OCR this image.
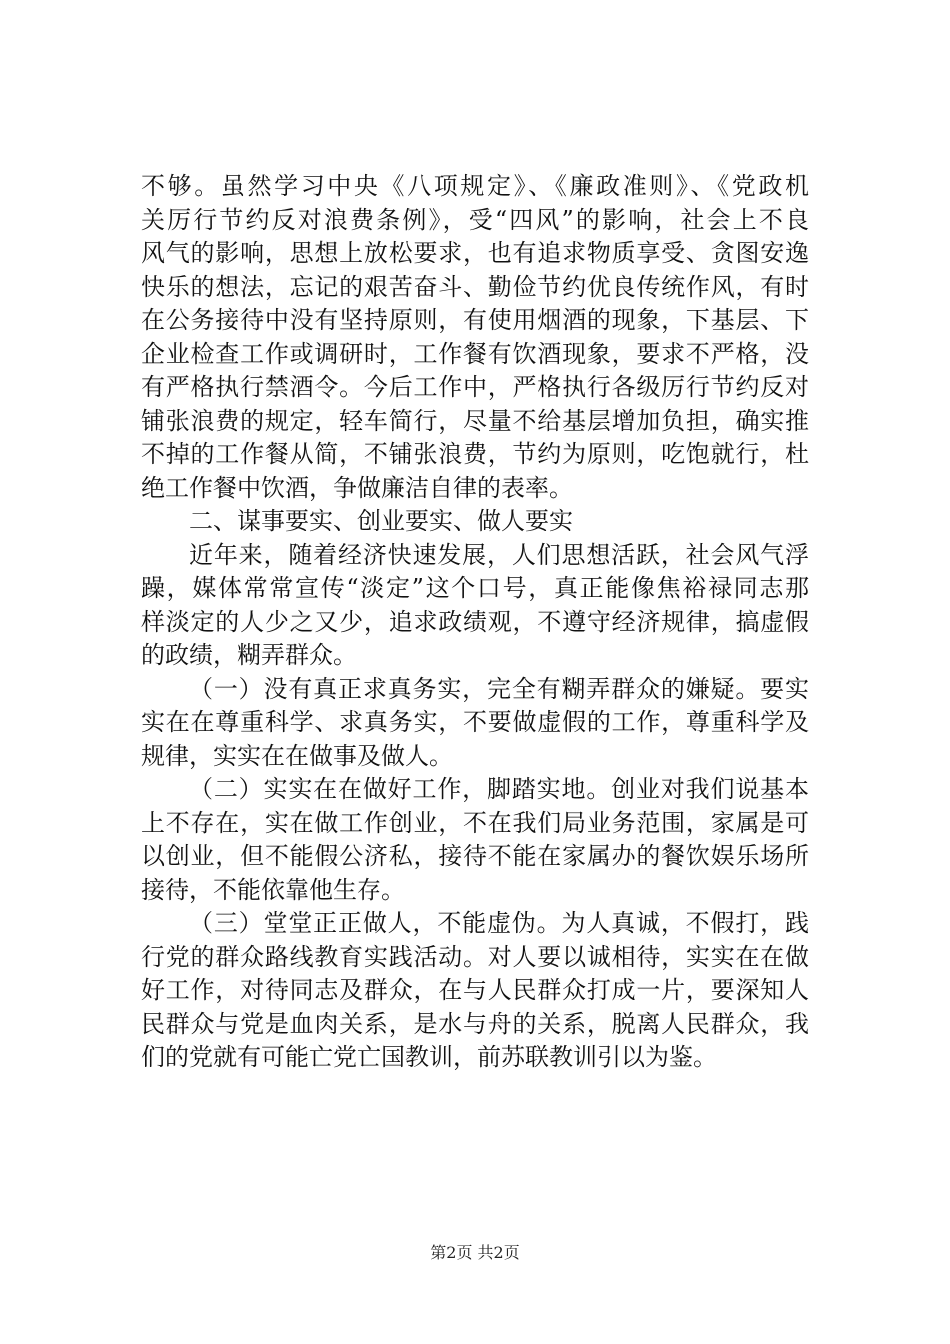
不够。虽然学习中央《八项规定》、《廉政准则》、《党政机
关厉行节约反对浪费条例》，受“四风”的影响，社会上不良
风气的影响，思想上放松要求，也有追求物质享受、贪图安逸
快乐的想法，忘记的艰苦奋斗、勤俭节约优良传统作风，有时
在公务接待中没有坚持原则，有使用烟酒的现象，下基层、下
企业检查工作或调研时，工作餐有饮酒现象，要求不严格，没
有严格执行禁酒令。今后工作中，严格执行各级厉行节约反对
铺张浪费的规定，轻车简行，尽量不给基层增加负担，确实推
不掉的工作餐从简，不铺张浪费，节约为原则，吃饱就行，杜
绝工作餐中饮酒，争做廉洁自律的表率。
二、谋事要实、创业要实、做人要实
近年来，随着经济快速发展，人们思想活跃，社会风气浮
躁，媒体常常宣传“淡定”这个口号，真正能像焦裕禄同志那
样淡定的人少之又少，追求政绩观，不遵守经济规律，搞虚假
的政绩，糊弄群众。
（一）没有真正求真务实，完全有糊弄群众的嫌疑。要实
实在在尊重科学、求真务实，不要做虚假的工作，尊重科学及
规律，实实在在做事及做人。
（二）实实在在做好工作，脚踏实地。创业对我们说基本
上不存在，实在做工作创业，不在我们局业务范围，家属是可
以创业，但不能假公济私，接待不能在家属办的餐饮娱乐场所
接待，不能依靠他生存。
（三）堂堂正正做人，不能虚伪。为人真诚，不假打，践
行党的群众路线教育实践活动。对人要以诚相待，实实在在做
好工作，对待同志及群众，在与人民群众打成一片，要深知人
民群众与党是血肉关系，是水与舟的关系，脱离人民群众，我
们的党就有可能亡党亡国教训，前苏联教训引以为鉴。
第2页 共2页
